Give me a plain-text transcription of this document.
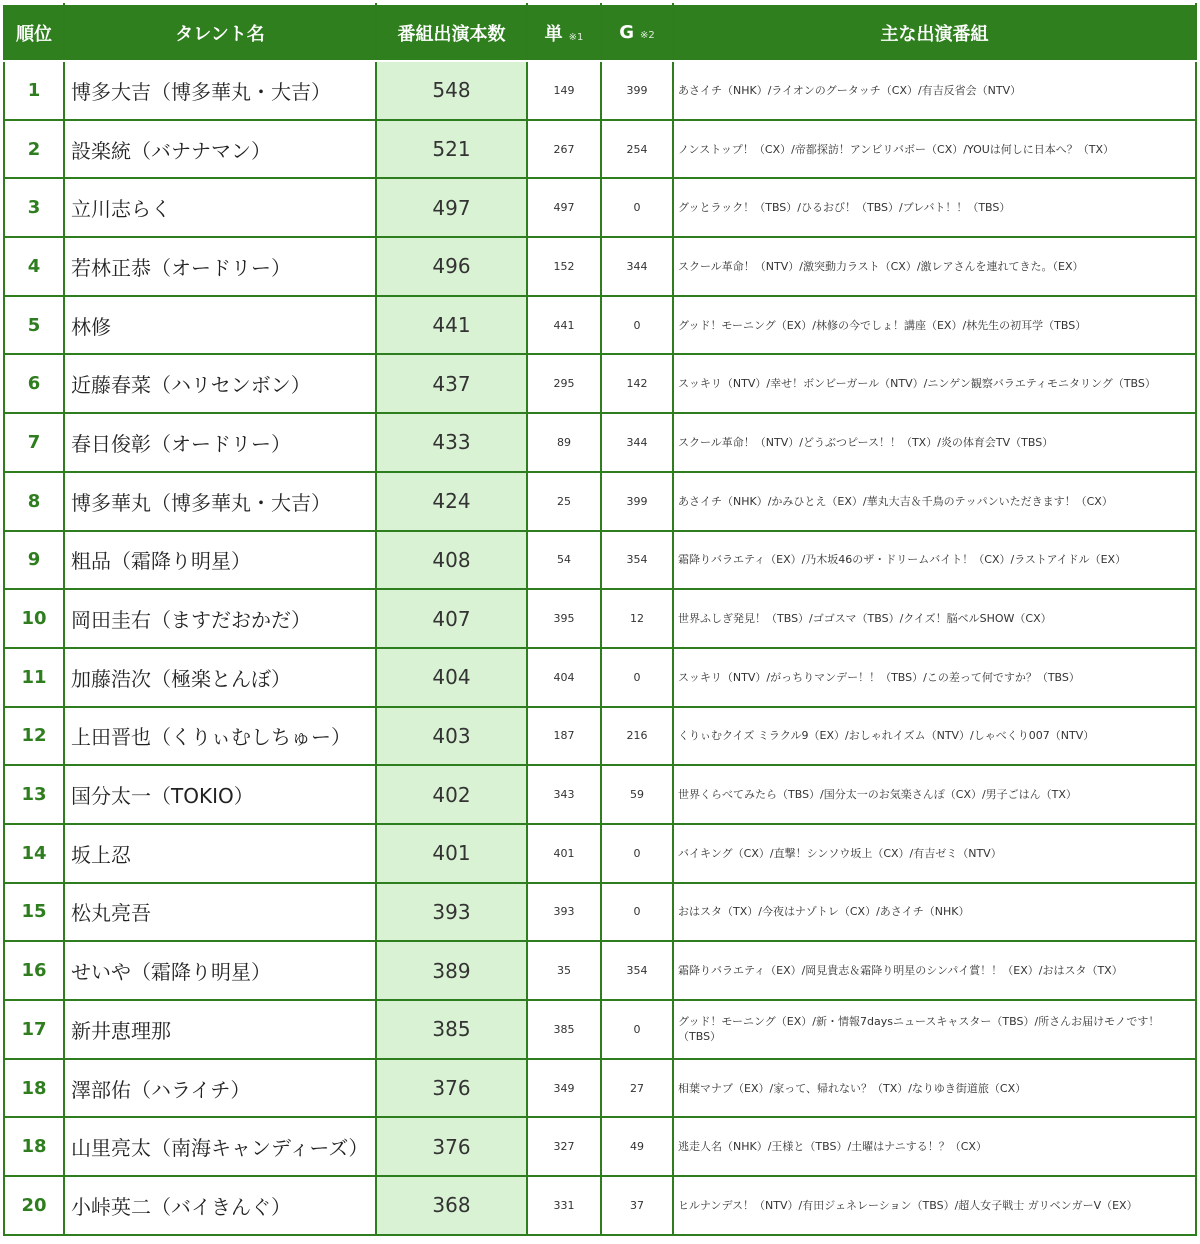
順位	タレント名	番組出演本数	単 ※1	G ※2	主な出演番組
1	博多大吉（博多華丸・大吉）	548	149	399	あさイチ（NHK）/ライオンのグータッチ（CX）/有吉反省会（NTV）
2	設楽統（バナナマン）	521	267	254	ノンストップ！（CX）/帝都探訪！アンビリバボー（CX）/YOUは何しに日本へ？（TX）
3	立川志らく	497	497	0	グッとラック！（TBS）/ひるおび！（TBS）/ブレバト！！（TBS）
4	若林正恭（オードリー）	496	152	344	スクール革命！（NTV）/激突動力ラスト（CX）/激レアさんを連れてきた。（EX）
5	林修	441	441	0	グッド！モーニング（EX）/林修の今でしょ！講座（EX）/林先生の初耳学（TBS）
6	近藤春菜（ハリセンボン）	437	295	142	スッキリ（NTV）/幸せ！ボンビーガール（NTV）/ニンゲン観察バラエティモニタリング（TBS）
7	春日俊彰（オードリー）	433	89	344	スクール革命！（NTV）/どうぶつピース！！（TX）/炎の体育会TV（TBS）
8	博多華丸（博多華丸・大吉）	424	25	399	あさイチ（NHK）/かみひとえ（EX）/華丸大吉＆千鳥のテッパンいただきます！（CX）
9	粗品（霜降り明星）	408	54	354	霜降りバラエティ（EX）/乃木坂46のザ・ドリームバイト！（CX）/ラストアイドル（EX）
10	岡田圭右（ますだおかだ）	407	395	12	世界ふしぎ発見！（TBS）/ゴゴスマ（TBS）/クイズ！脳ベルSHOW（CX）
11	加藤浩次（極楽とんぼ）	404	404	0	スッキリ（NTV）/がっちりマンデー！！（TBS）/この差って何ですか？（TBS）
12	上田晋也（くりぃむしちゅー）	403	187	216	くりぃむクイズ ミラクル9（EX）/おしゃれイズム（NTV）/しゃべくり007（NTV）
13	国分太一（TOKIO）	402	343	59	世界くらべてみたら（TBS）/国分太一のお気楽さんぽ（CX）/男子ごはん（TX）
14	坂上忍	401	401	0	バイキング（CX）/直撃！シンソウ坂上（CX）/有吉ゼミ（NTV）
15	松丸亮吾	393	393	0	おはスタ（TX）/今夜はナゾトレ（CX）/あさイチ（NHK）
16	せいや（霜降り明星）	389	35	354	霜降りバラエティ（EX）/岡見貴志＆霜降り明星のシンパイ賞！！（EX）/おはスタ（TX）
17	新井恵理那	385	385	0	グッド！モーニング（EX）/新・情報7daysニュースキャスター（TBS）/所さんお届けモノです！（TBS）
18	澤部佑（ハライチ）	376	349	27	相葉マナブ（EX）/家って、帰れない？（TX）/なりゆき街道旅（CX）
18	山里亮太（南海キャンディーズ）	376	327	49	逃走人名（NHK）/王様と（TBS）/土曜はナニする！？（CX）
20	小峠英二（バイきんぐ）	368	331	37	ヒルナンデス！（NTV）/有田ジェネレーション（TBS）/超人女子戦士 ガリベンガーV（EX）
